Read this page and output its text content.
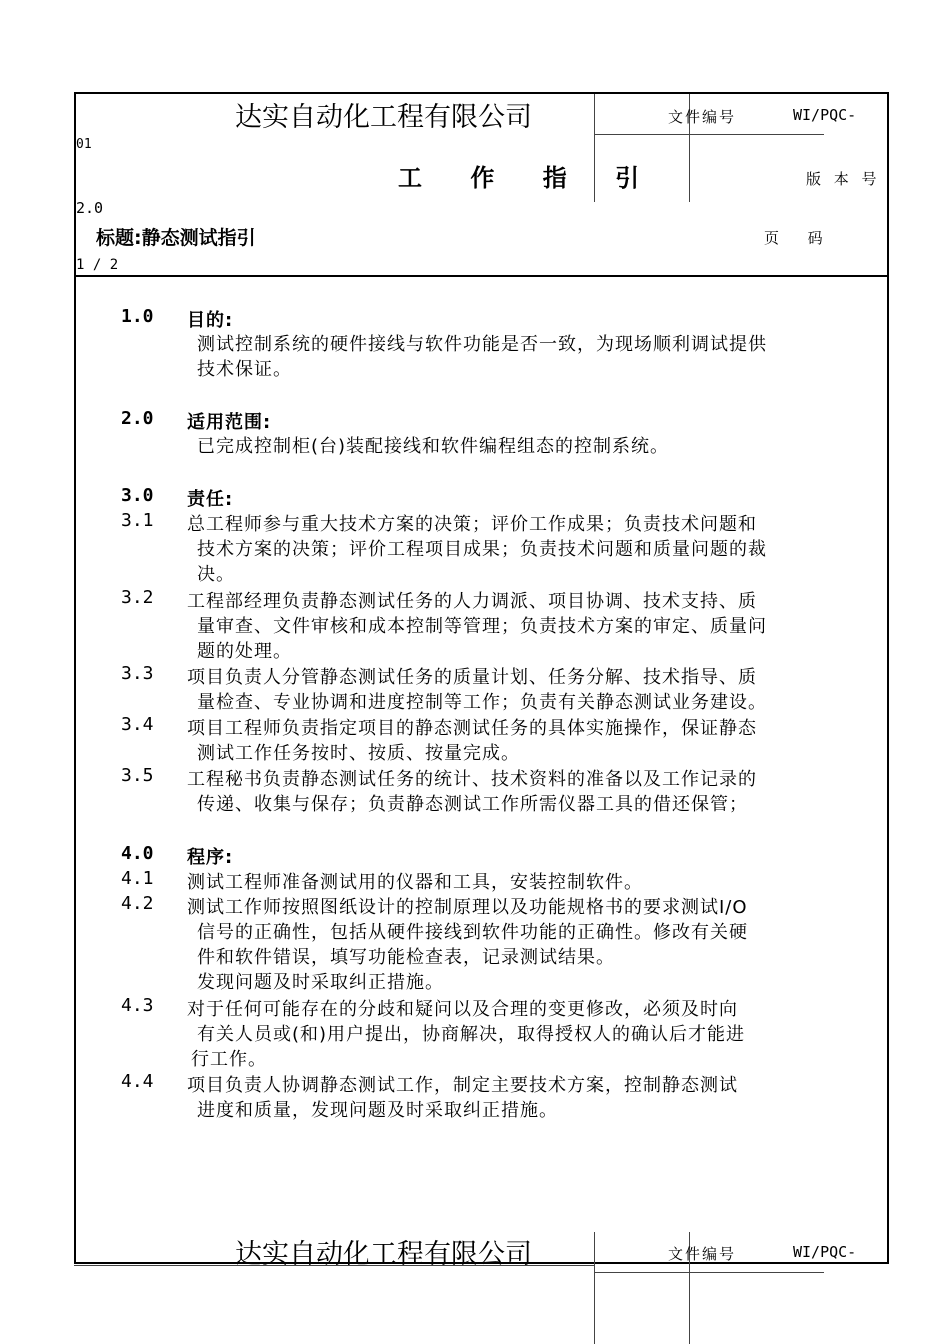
达实自动化工程有限公司	文件编号	WI/PQC-
01
工 作 指 引	版 本 号
2.0
标题:静态测试指引	页      码
1 / 2
1.0 目的:
测试控制系统的硬件接线与软件功能是否一致，为现场顺利调试提供
技术保证。
2.0 适用范围:
已完成控制柜(台)装配接线和软件编程组态的控制系统。
3.0 责任:
3.1 总工程师参与重大技术方案的决策；评价工作成果；负责技术问题和
技术方案的决策；评价工程项目成果；负责技术问题和质量问题的裁
决。
3.2 工程部经理负责静态测试任务的人力调派、项目协调、技术支持、质
量审查、文件审核和成本控制等管理；负责技术方案的审定、质量问
题的处理。
3.3 项目负责人分管静态测试任务的质量计划、任务分解、技术指导、质
量检查、专业协调和进度控制等工作；负责有关静态测试业务建设。
3.4 项目工程师负责指定项目的静态测试任务的具体实施操作，保证静态
测试工作任务按时、按质、按量完成。
3.5 工程秘书负责静态测试任务的统计、技术资料的准备以及工作记录的
传递、收集与保存；负责静态测试工作所需仪器工具的借还保管；
4.0 程序:
4.1 测试工程师准备测试用的仪器和工具，安装控制软件。
4.2 测试工作师按照图纸设计的控制原理以及功能规格书的要求测试I/O
信号的正确性，包括从硬件接线到软件功能的正确性。修改有关硬
件和软件错误，填写功能检查表，记录测试结果。
发现问题及时采取纠正措施。
4.3 对于任何可能存在的分歧和疑问以及合理的变更修改，必须及时向
有关人员或(和)用户提出，协商解决，取得授权人的确认后才能进
行工作。
4.4 项目负责人协调静态测试工作，制定主要技术方案，控制静态测试
进度和质量，发现问题及时采取纠正措施。
达实自动化工程有限公司	文件编号	WI/PQC-
